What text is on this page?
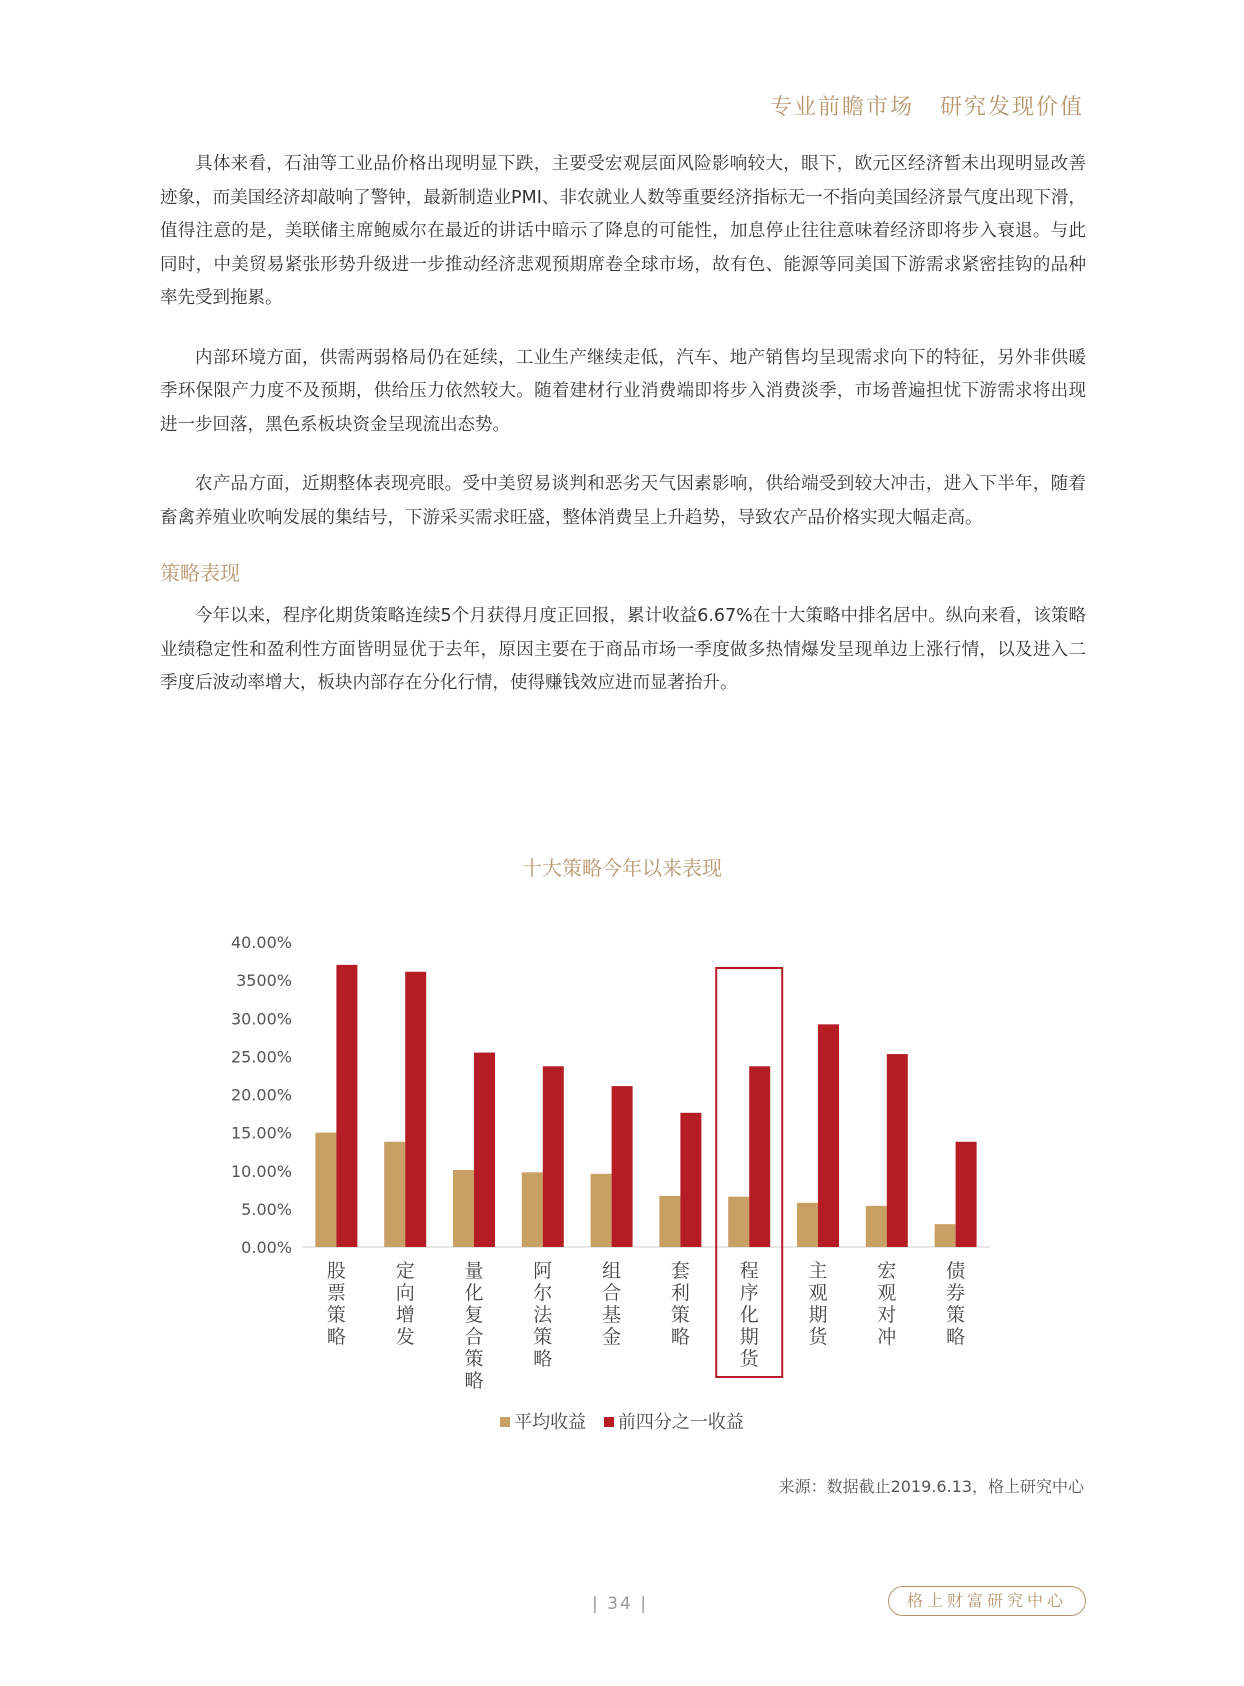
专业前瞻市场 研究发现价值

具体来看，石油等工业品价格出现明显下跌，主要受宏观层面风险影响较大，眼下，欧元区经济暂未出现明显改善迹象，而美国经济却敲响了警钟，最新制造业PMI、非农就业人数等重要经济指标无一不指向美国经济景气度出现下滑，值得注意的是，美联储主席鲍威尔在最近的讲话中暗示了降息的可能性，加息停止往往意味着经济即将步入衰退。与此同时，中美贸易紧张形势升级进一步推动经济悲观预期席卷全球市场，故有色、能源等同美国下游需求紧密挂钩的品种率先受到拖累。

内部环境方面，供需两弱格局仍在延续，工业生产继续走低，汽车、地产销售均呈现需求向下的特征，另外非供暖季环保限产力度不及预期，供给压力依然较大。随着建材行业消费端即将步入消费淡季，市场普遍担忧下游需求将出现进一步回落，黑色系板块资金呈现流出态势。

农产品方面，近期整体表现亮眼。受中美贸易谈判和恶劣天气因素影响，供给端受到较大冲击，进入下半年，随着畜禽养殖业吹响发展的集结号，下游采买需求旺盛，整体消费呈上升趋势，导致农产品价格实现大幅走高。

策略表现

今年以来，程序化期货策略连续5个月获得月度正回报，累计收益6.67%在十大策略中排名居中。纵向来看，该策略业绩稳定性和盈利性方面皆明显优于去年，原因主要在于商品市场一季度做多热情爆发呈现单边上涨行情，以及进入二季度后波动率增大，板块内部存在分化行情，使得赚钱效应进而显著抬升。

十大策略今年以来表现
0.00%
5.00%
10.00%
15.00%
20.00%
25.00%
30.00%
3500%
40.00%
股
票
策
略
定
向
增
发
量
化
复
合
策
略
阿
尔
法
策
略
组
合
基
金
套
利
策
略
程
序
化
期
货
主
观
期
货
宏
观
对
冲
债
券
策
略
平均收益 前四分之一收益
来源：数据截止2019.6.13，格上研究中心
| 34 |	格上财富研究中心
